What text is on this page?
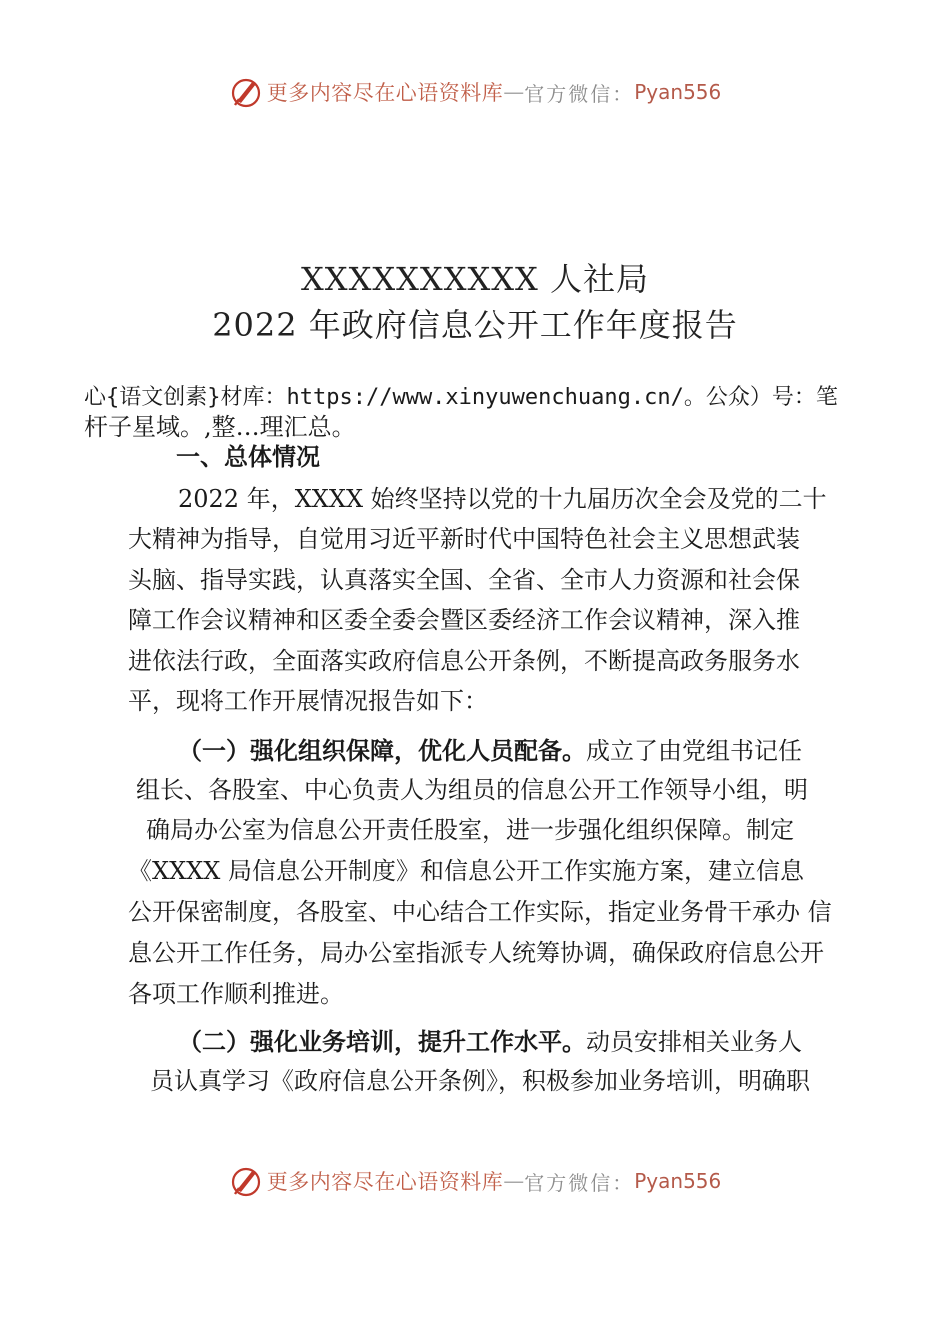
更多内容尽在心语资料库 — 官方微信： Pyan556
XXXXXXXXXX 人社局
2022 年政府信息公开工作年度报告
心{语文创素}材库：https://www.xinyuwenchuang.cn/。公众）号：笔
杆子星域。,整…理汇总。
一、总体情况
2022 年，XXXX 始终坚持以党的十九届历次全会及党的二十
大精神为指导，自觉用习近平新时代中国特色社会主义思想武装
头脑、指导实践，认真落实全国、全省、全市人力资源和社会保
障工作会议精神和区委全委会暨区委经济工作会议精神，深入推
进依法行政，全面落实政府信息公开条例，不断提高政务服务水
平，现将工作开展情况报告如下：
（一）强化组织保障，优化人员配备。成立了由党组书记任
组长、各股室、中心负责人为组员的信息公开工作领导小组，明
确局办公室为信息公开责任股室，进一步强化组织保障。制定
《XXXX 局信息公开制度》和信息公开工作实施方案，建立信息
公开保密制度，各股室、中心结合工作实际，指定业务骨干承办 信
息公开工作任务，局办公室指派专人统筹协调，确保政府信息公开
各项工作顺利推进。
（二）强化业务培训，提升工作水平。动员安排相关业务人
员认真学习《政府信息公开条例》，积极参加业务培训，明确职
更多内容尽在心语资料库 — 官方微信： Pyan556
